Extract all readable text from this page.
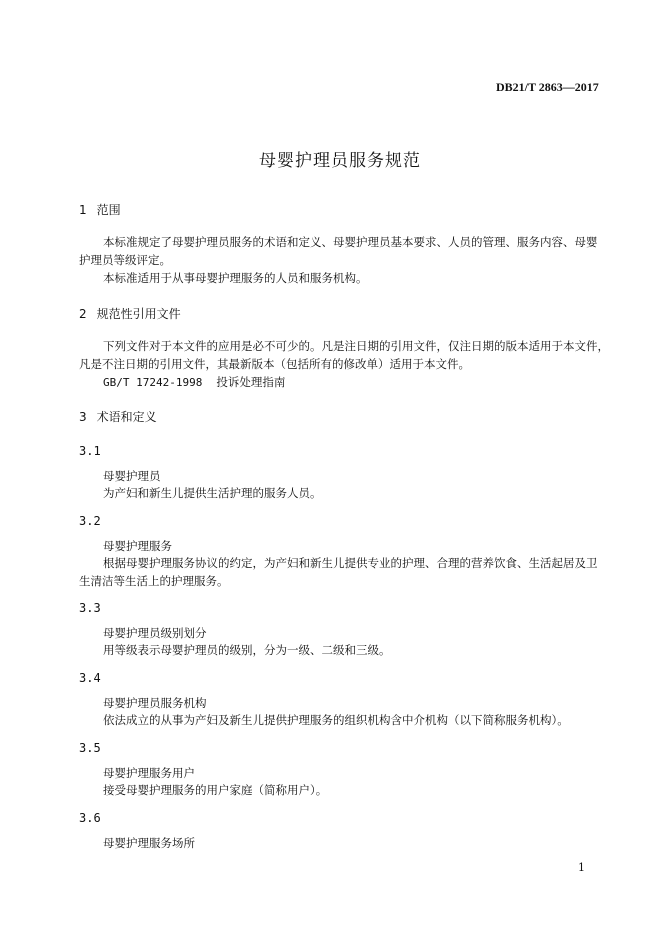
DB21/T 2863—2017
母婴护理员服务规范
1 范围
本标准规定了母婴护理员服务的术语和定义、母婴护理员基本要求、人员的管理、服务内容、母婴
护理员等级评定。
本标准适用于从事母婴护理服务的人员和服务机构。
2 规范性引用文件
下列文件对于本文件的应用是必不可少的。凡是注日期的引用文件，仅注日期的版本适用于本文件，
凡是不注日期的引用文件，其最新版本（包括所有的修改单）适用于本文件。
GB/T 17242-1998 投诉处理指南
3 术语和定义
3.1
母婴护理员
为产妇和新生儿提供生活护理的服务人员。
3.2
母婴护理服务
根据母婴护理服务协议的约定，为产妇和新生儿提供专业的护理、合理的营养饮食、生活起居及卫
生清洁等生活上的护理服务。
3.3
母婴护理员级别划分
用等级表示母婴护理员的级别，分为一级、二级和三级。
3.4
母婴护理员服务机构
依法成立的从事为产妇及新生儿提供护理服务的组织机构含中介机构（以下简称服务机构）。
3.5
母婴护理服务用户
接受母婴护理服务的用户家庭（简称用户）。
3.6
母婴护理服务场所
1
